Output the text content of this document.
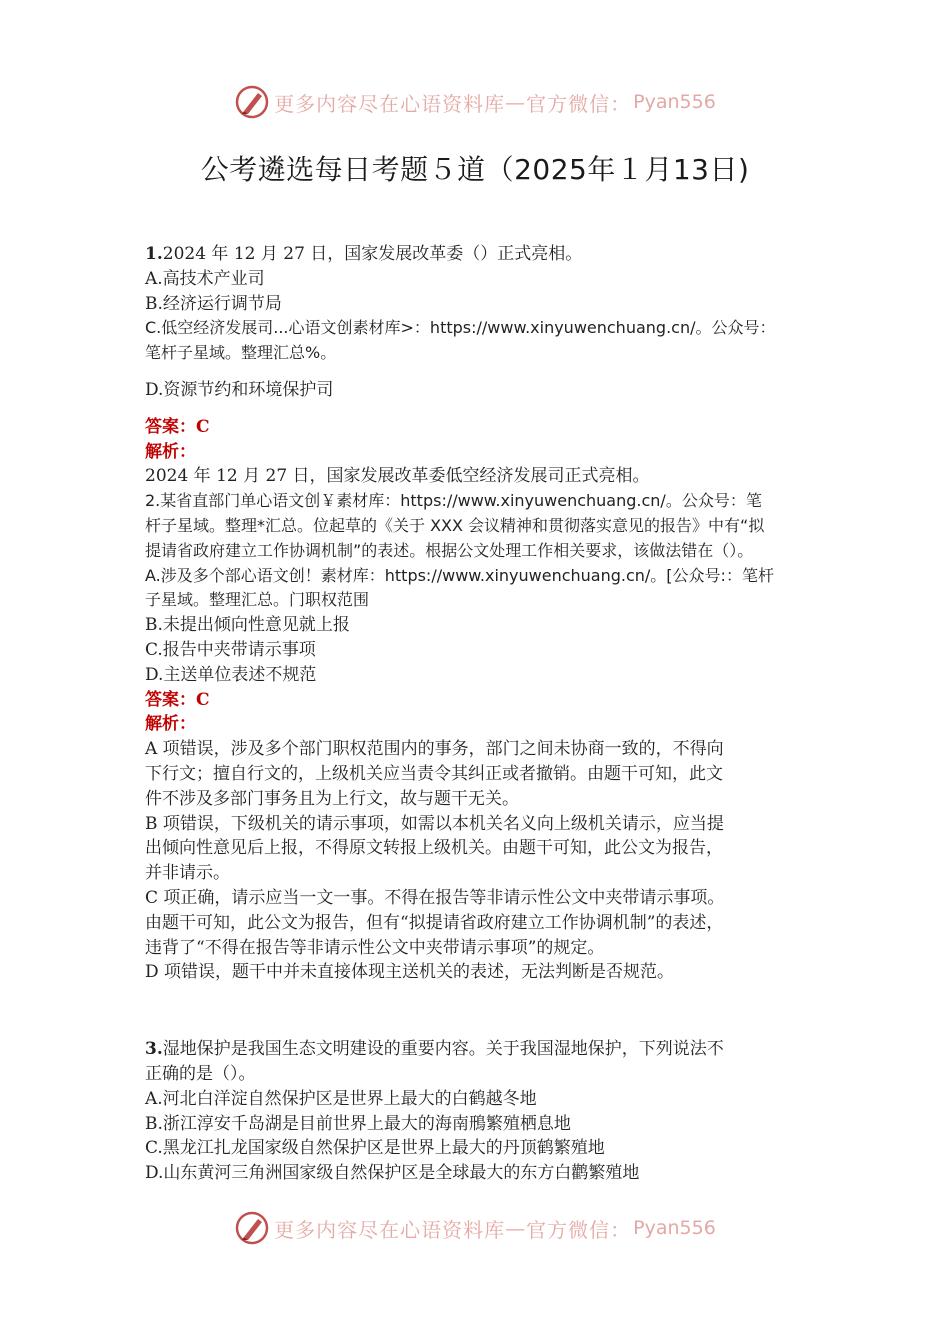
更多内容尽在心语资料库 — 官方微信： Pyan556
公考遴选每日考题５道（2025年１月13日)
1.2024 年 12 月 27 日，国家发展改革委（）正式亮相。
A.高技术产业司
B.经济运行调节局
C.低空经济发展司...心语文创素材库>：https://www.xinyuwenchuang.cn/。公众号：
笔杆子星域。整理汇总%。
D.资源节约和环境保护司
答案：C
解析：
2024 年 12 月 27 日，国家发展改革委低空经济发展司正式亮相。
2.某省直部门单心语文创￥素材库：https://www.xinyuwenchuang.cn/。公众号：笔
杆子星域。整理*汇总。位起草的《关于 XXX 会议精神和贯彻落实意见的报告》中有“拟
提请省政府建立工作协调机制”的表述。根据公文处理工作相关要求，该做法错在（）。
A.涉及多个部心语文创！素材库：https://www.xinyuwenchuang.cn/。[公众号:：笔杆
子星域。整理汇总。门职权范围
B.未提出倾向性意见就上报
C.报告中夹带请示事项
D.主送单位表述不规范
答案：C
解析：
A 项错误，涉及多个部门职权范围内的事务，部门之间未协商一致的，不得向
下行文；擅自行文的，上级机关应当责令其纠正或者撤销。由题干可知，此文
件不涉及多部门事务且为上行文，故与题干无关。
B 项错误，下级机关的请示事项，如需以本机关名义向上级机关请示，应当提
出倾向性意见后上报，不得原文转报上级机关。由题干可知，此公文为报告，
并非请示。
C 项正确，请示应当一文一事。不得在报告等非请示性公文中夹带请示事项。
由题干可知，此公文为报告，但有“拟提请省政府建立工作协调机制”的表述，
违背了“不得在报告等非请示性公文中夹带请示事项”的规定。
D 项错误，题干中并未直接体现主送机关的表述，无法判断是否规范。
3.湿地保护是我国生态文明建设的重要内容。关于我国湿地保护，下列说法不
正确的是（）。
A.河北白洋淀自然保护区是世界上最大的白鹤越冬地
B.浙江淳安千岛湖是目前世界上最大的海南鳽繁殖栖息地
C.黑龙江扎龙国家级自然保护区是世界上最大的丹顶鹤繁殖地
D.山东黄河三角洲国家级自然保护区是全球最大的东方白鹳繁殖地
更多内容尽在心语资料库 — 官方微信： Pyan556
